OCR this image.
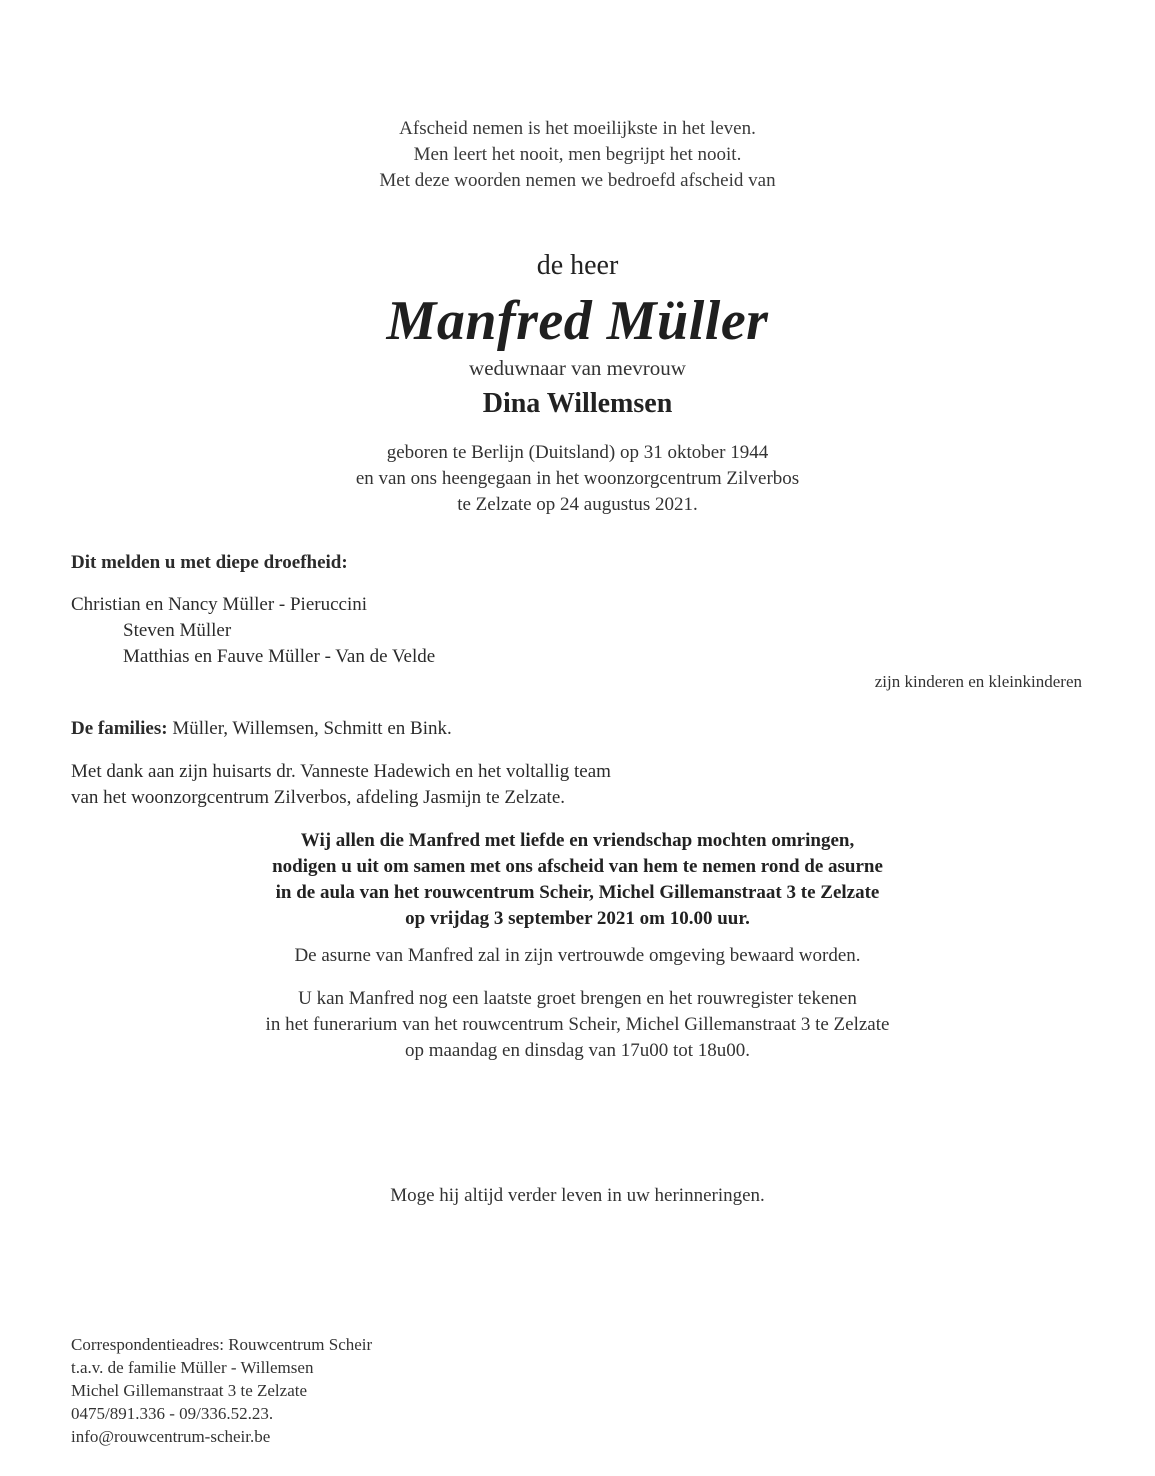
Afscheid nemen is het moeilijkste in het leven.
Men leert het nooit, men begrijpt het nooit.
Met deze woorden nemen we bedroefd afscheid van
de heer
Manfred Müller
weduwnaar van mevrouw
Dina Willemsen
geboren te Berlijn (Duitsland) op 31 oktober 1944
en van ons heengegaan in het woonzorgcentrum Zilverbos
te Zelzate op 24 augustus 2021.
Dit melden u met diepe droefheid:
Christian en Nancy Müller - Pieruccini
Steven Müller
Matthias en Fauve Müller - Van de Velde
zijn kinderen en kleinkinderen
De families: Müller, Willemsen, Schmitt en Bink.
Met dank aan zijn huisarts dr. Vanneste Hadewich en het voltallig team
van het woonzorgcentrum Zilverbos, afdeling Jasmijn te Zelzate.
Wij allen die Manfred met liefde en vriendschap mochten omringen,
nodigen u uit om samen met ons afscheid van hem te nemen rond de asurne
in de aula van het rouwcentrum Scheir, Michel Gillemanstraat 3 te Zelzate
op vrijdag 3 september 2021 om 10.00 uur.
De asurne van Manfred zal in zijn vertrouwde omgeving bewaard worden.
U kan Manfred nog een laatste groet brengen en het rouwregister tekenen
in het funerarium van het rouwcentrum Scheir, Michel Gillemanstraat 3 te Zelzate
op maandag en dinsdag van 17u00 tot 18u00.
Moge hij altijd verder leven in uw herinneringen.
Correspondentieadres: Rouwcentrum Scheir
t.a.v. de familie Müller - Willemsen
Michel Gillemanstraat 3 te Zelzate
0475/891.336 - 09/336.52.23.
info@rouwcentrum-scheir.be
